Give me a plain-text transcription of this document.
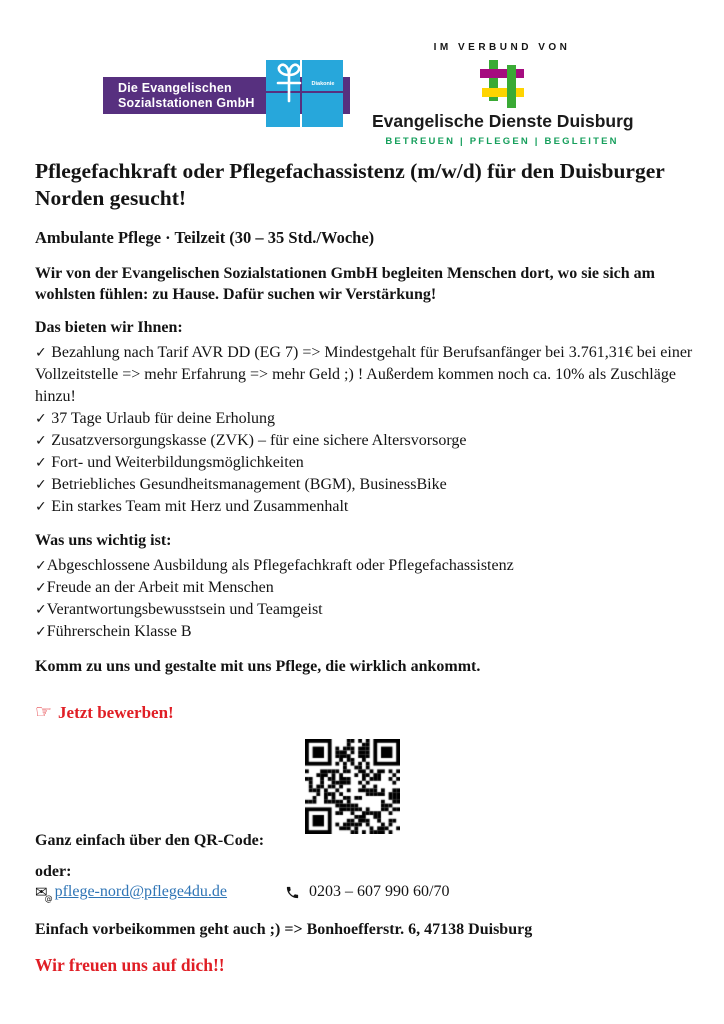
Die Evangelischen
Sozialstationen GmbH
Diakonie
IM VERBUND VON
Evangelische Dienste Duisburg
BETREUEN | PFLEGEN | BEGLEITEN
Pflegefachkraft oder Pflegefachassistenz (m/w/d) für den Duisburger Norden gesucht!
Ambulante Pflege · Teilzeit (30 – 35 Std./Woche)
Wir von der Evangelischen Sozialstationen GmbH begleiten Menschen dort, wo sie sich am wohlsten fühlen: zu Hause. Dafür suchen wir Verstärkung!
Das bieten wir Ihnen:
✓ Bezahlung nach Tarif AVR DD (EG 7) => Mindestgehalt für Berufsanfänger bei 3.761,31€ bei einer Vollzeitstelle => mehr Erfahrung => mehr Geld ;) ! Außerdem kommen noch ca. 10% als Zuschläge hinzu!
✓ 37 Tage Urlaub für deine Erholung
✓ Zusatzversorgungskasse (ZVK) – für eine sichere Altersvorsorge
✓ Fort- und Weiterbildungsmöglichkeiten
✓ Betriebliches Gesundheitsmanagement (BGM), BusinessBike
✓ Ein starkes Team mit Herz und Zusammenhalt
Was uns wichtig ist:
✓Abgeschlossene Ausbildung als Pflegefachkraft oder Pflegefachassistenz
✓Freude an der Arbeit mit Menschen
✓Verantwortungsbewusstsein und Teamgeist
✓Führerschein Klasse B
Komm zu uns und gestalte mit uns Pflege, die wirklich ankommt.
☞ Jetzt bewerben!
Ganz einfach über den QR-Code:
oder:
✉
@ pflege-nord@pflege4du.de	0203 – 607 990 60/70
Einfach vorbeikommen geht auch ;) => Bonhoefferstr. 6, 47138 Duisburg
Wir freuen uns auf dich!!
